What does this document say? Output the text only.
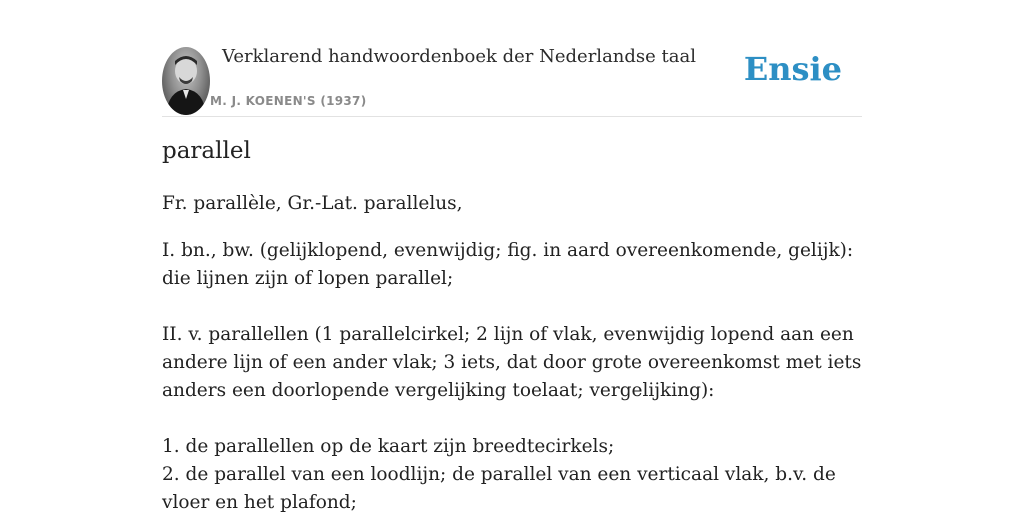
Verklarend handwoordenboek der Nederlandse taal
M. J. KOENEN'S (1937)
Ensie
parallel

Fr. parallèle, Gr.-Lat. parallelus,

I. bn., bw. (gelijklopend, evenwijdig; fig. in aard overeenkomende, gelijk): die lijnen zijn of lopen parallel;

II. v. parallellen (1 parallelcirkel; 2 lijn of vlak, evenwijdig lopend aan een andere lijn of een ander vlak; 3 iets, dat door grote overeenkomst met iets anders een doorlopende vergelijking toelaat; vergelijking):

1. de parallellen op de kaart zijn breedtecirkels;

2. de parallel van een loodlijn; de parallel van een verticaal vlak, b.v. de vloer en het plafond;
